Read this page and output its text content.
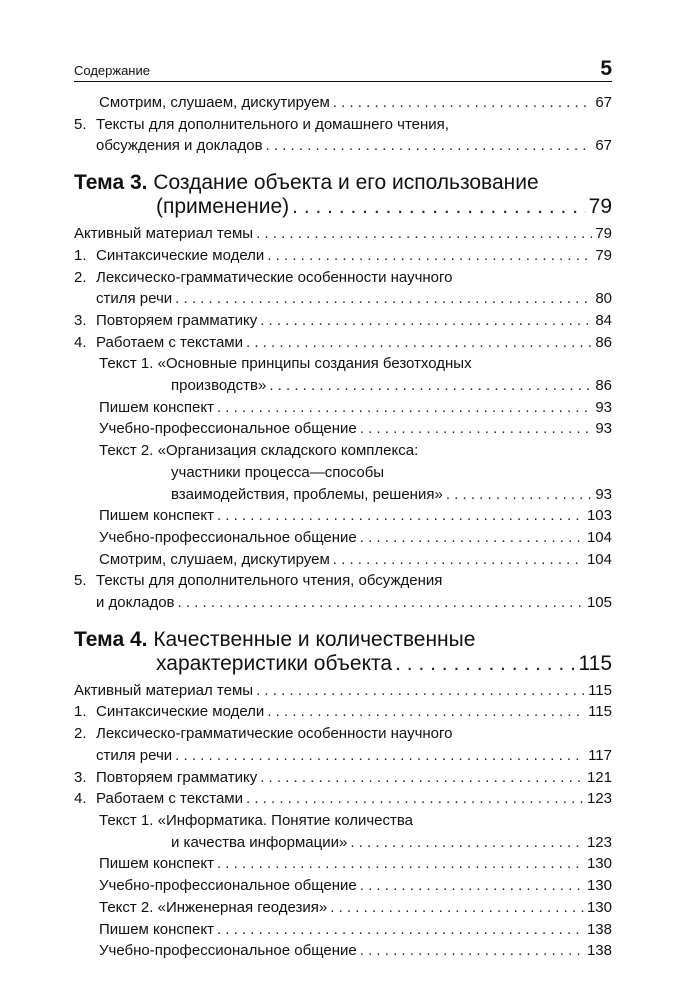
Содержание	5
Смотрим, слушаем, дискутируем . . .	67
5. Тексты для дополнительного и домашнего чтения,
обсуждения и докладов . . .	67
Тема 3. Создание объекта и его использование
(применение) . . .	79
Активный материал темы . . .	79
1. Синтаксические модели . . .	79
2. Лексическо-грамматические особенности научного
стиля речи . . .	80
3. Повторяем грамматику . . .	84
4. Работаем с текстами . . .	86
Текст 1. «Основные принципы создания безотходных
производств» . . .	86
Пишем конспект . . .	93
Учебно-профессиональное общение . . .	93
Текст 2. «Организация складского комплекса:
участники процесса—способы
взаимодействия, проблемы, решения» . . .	93
Пишем конспект . . .	103
Учебно-профессиональное общение . . .	104
Смотрим, слушаем, дискутируем . . .	104
5. Тексты для дополнительного чтения, обсуждения
и докладов . . .	105
Тема 4. Качественные и количественные
характеристики объекта . . .	115
Активный материал темы . . .	115
1. Синтаксические модели . . .	115
2. Лексическо-грамматические особенности научного
стиля речи . . .	117
3. Повторяем грамматику . . .	121
4. Работаем с текстами . . .	123
Текст 1. «Информатика. Понятие количества
и качества информации» . . .	123
Пишем конспект . . .	130
Учебно-профессиональное общение . . .	130
Текст 2. «Инженерная геодезия» . . .	130
Пишем конспект . . .	138
Учебно-профессиональное общение . . .	138
